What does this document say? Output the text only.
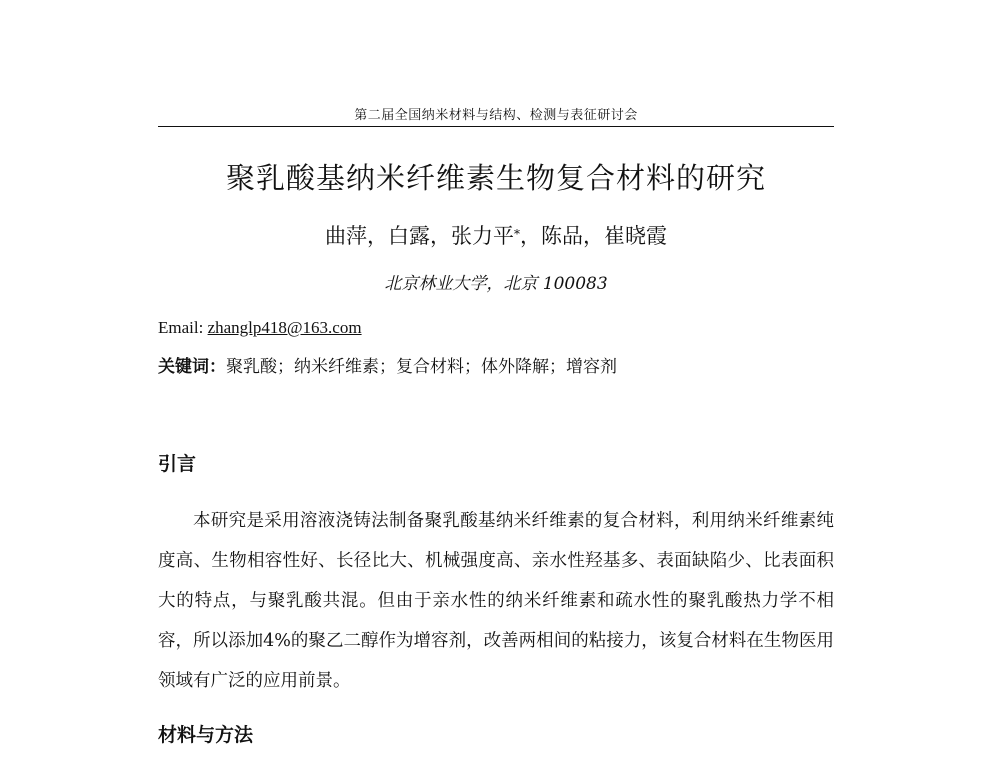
第二届全国纳米材料与结构、检测与表征研讨会
聚乳酸基纳米纤维素生物复合材料的研究
曲萍，白露，张力平*，陈品，崔晓霞
北京林业大学，北京 100083
Email: zhanglp418@163.com
关键词：聚乳酸；纳米纤维素；复合材料；体外降解；增容剂
引言
本研究是采用溶液浇铸法制备聚乳酸基纳米纤维素的复合材料，利用纳米纤维素纯度高、生物相容性好、长径比大、机械强度高、亲水性羟基多、表面缺陷少、比表面积大的特点，与聚乳酸共混。但由于亲水性的纳米纤维素和疏水性的聚乳酸热力学不相容，所以添加4%的聚乙二醇作为增容剂，改善两相间的粘接力，该复合材料在生物医用领域有广泛的应用前景。
材料与方法
